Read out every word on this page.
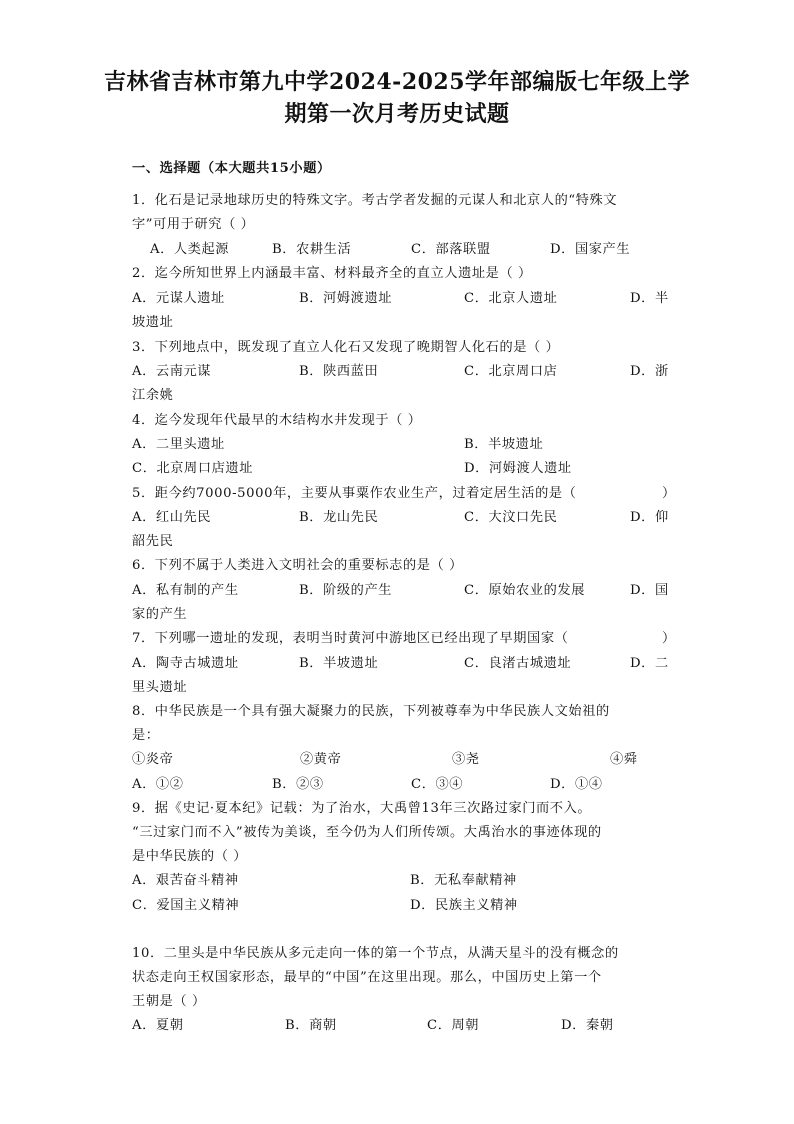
吉林省吉林市第九中学2024-2025学年部编版七年级上学
期第一次月考历史试题
一、选择题（本大题共15小题）
1．化石是记录地球历史的特殊文字。考古学者发掘的元谋人和北京人的“特殊文
字”可用于研究（ ）
A．人类起源	B．农耕生活	C．部落联盟	D．国家产生
2．迄今所知世界上内涵最丰富、材料最齐全的直立人遗址是（ ）
A．元谋人遗址	B．河姆渡遗址	C．北京人遗址	D．半
坡遗址
3．下列地点中，既发现了直立人化石又发现了晚期智人化石的是（ ）
A．云南元谋	B．陕西蓝田	C．北京周口店	D．浙
江余姚
4．迄今发现年代最早的木结构水井发现于（ ）
A．二里头遗址	B．半坡遗址
C．北京周口店遗址	D．河姆渡人遗址
5．距今约7000-5000年，主要从事粟作农业生产，过着定居生活的是（	）
A．红山先民	B．龙山先民	C．大汶口先民	D．仰
韶先民
6．下列不属于人类进入文明社会的重要标志的是（ ）
A．私有制的产生	B．阶级的产生	C．原始农业的发展	D．国
家的产生
7．下列哪一遗址的发现，表明当时黄河中游地区已经出现了早期国家（	）
A．陶寺古城遗址	B．半坡遗址	C．良渚古城遗址	D．二
里头遗址
8．中华民族是一个具有强大凝聚力的民族，下列被尊奉为中华民族人文始祖的
是：
①炎帝	②黄帝	③尧	④舜
A．①②	B．②③	C．③④	D．①④
9．据《史记·夏本纪》记载：为了治水，大禹曾13年三次路过家门而不入。
“三过家门而不入”被传为美谈，至今仍为人们所传颂。大禹治水的事迹体现的
是中华民族的（ ）
A．艰苦奋斗精神	B．无私奉献精神
C．爱国主义精神	D．民族主义精神
10．二里头是中华民族从多元走向一体的第一个节点，从满天星斗的没有概念的
状态走向王权国家形态，最早的“中国”在这里出现。那么，中国历史上第一个
王朝是（ ）
A．夏朝	B．商朝	C．周朝	D．秦朝
